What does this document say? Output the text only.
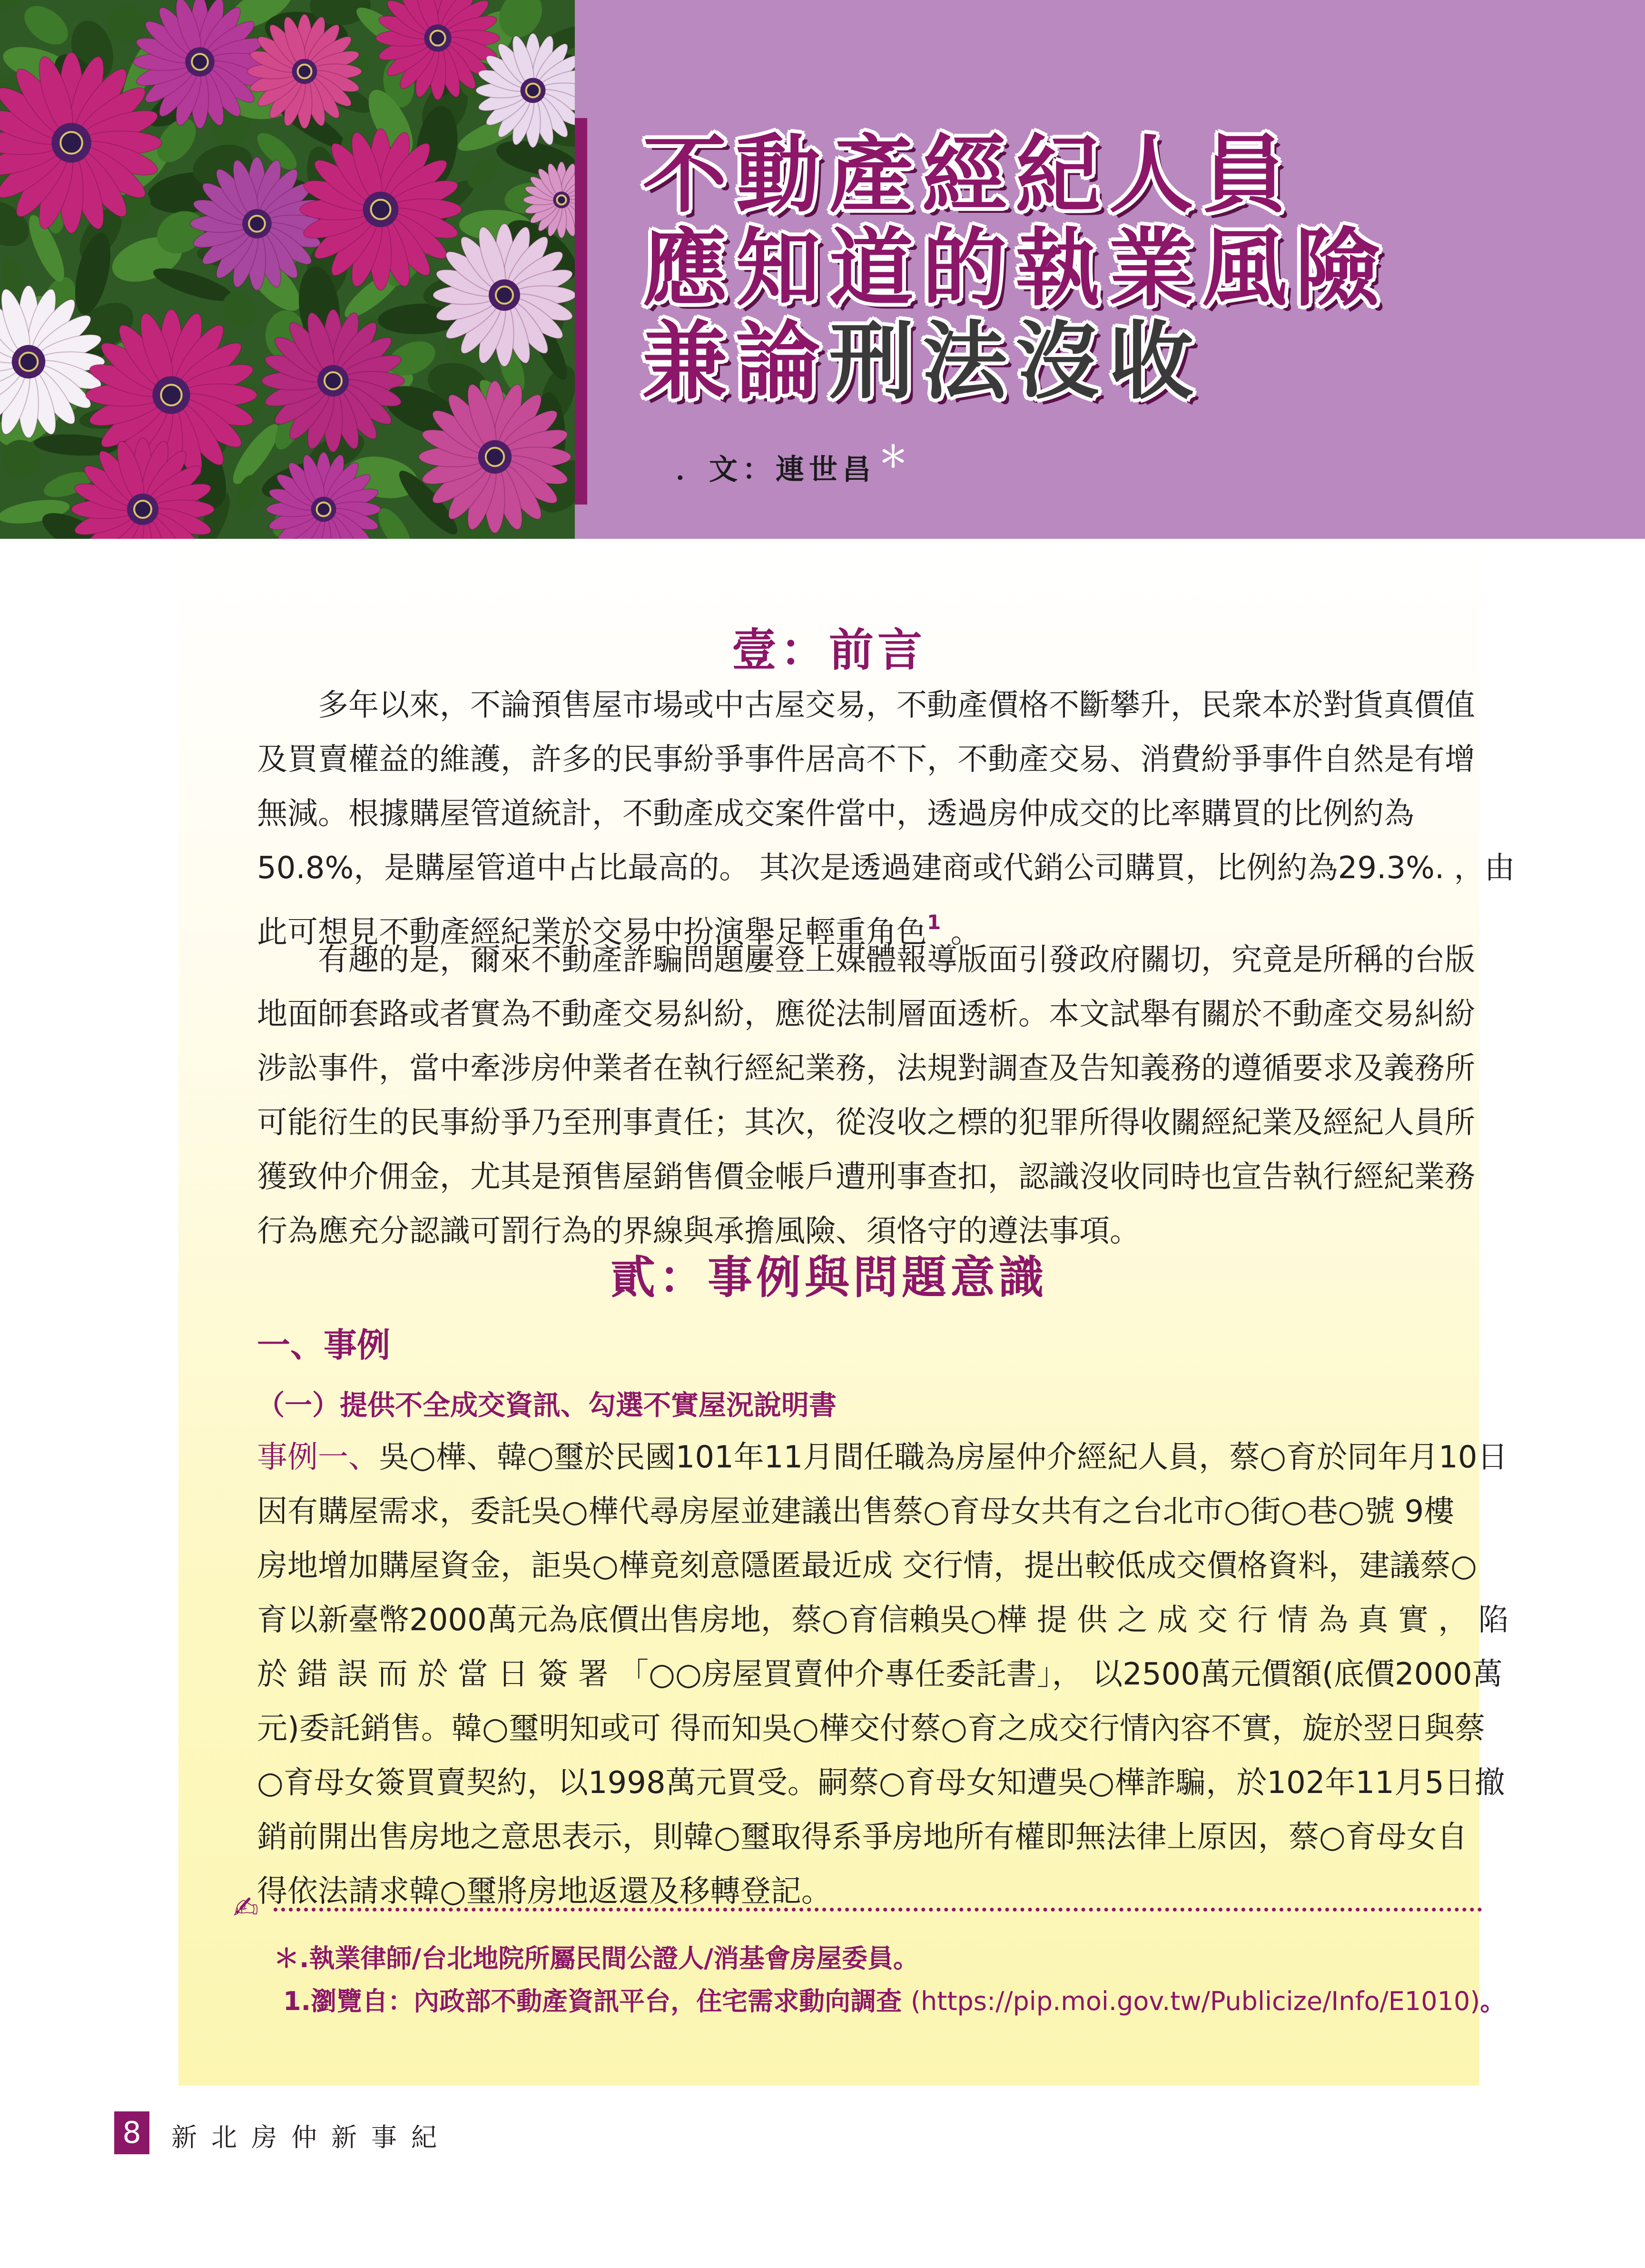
不動產經紀人員
應知道的執業風險
兼論刑法沒收
．文：連世昌＊
壹：前言
多年以來，不論預售屋市場或中古屋交易，不動產價格不斷攀升，民衆本於對貨真價值
及買賣權益的維護，許多的民事紛爭事件居高不下，不動產交易、消費紛爭事件自然是有增
無減。根據購屋管道統計，不動產成交案件當中，透過房仲成交的比率購買的比例約為
50.8%，是購屋管道中占比最高的。 其次是透過建商或代銷公司購買，比例約為29.3%. ，由
此可想見不動產經紀業於交易中扮演舉足輕重角色$^1$ 。
有趣的是，爾來不動產詐騙問題屢登上媒體報導版面引發政府關切，究竟是所稱的台版
地面師套路或者實為不動產交易糾紛，應從法制層面透析。本文試舉有關於不動產交易糾紛
涉訟事件，當中牽涉房仲業者在執行經紀業務，法規對調查及告知義務的遵循要求及義務所
可能衍生的民事紛爭乃至刑事責任；其次，從沒收之標的犯罪所得收關經紀業及經紀人員所
獲致仲介佣金，尤其是預售屋銷售價金帳戶遭刑事查扣，認識沒收同時也宣告執行經紀業務
行為應充分認識可罰行為的界線與承擔風險、須恪守的遵法事項。
貳：事例與問題意識
一、事例
（一）提供不全成交資訊、勾選不實屋況說明書
事例一、吳○樺、韓○璽於民國101年11月間任職為房屋仲介經紀人員，蔡○育於同年月10日
因有購屋需求，委託吳○樺代尋房屋並建議出售蔡○育母女共有之台北市○街○巷○號 9樓
房地增加購屋資金，詎吳○樺竟刻意隱匿最近成 交行情，提出較低成交價格資料，建議蔡○
育以新臺幣2000萬元為底價出售房地，蔡○育信賴吳○樺 提 供 之 成 交 行 情 為 真 實 ， 陷
於 錯 誤 而 於 當 日 簽 署 「○○房屋買賣仲介專任委託書」， 以2500萬元價額(底價2000萬
元)委託銷售。韓○璽明知或可 得而知吳○樺交付蔡○育之成交行情內容不實，旋於翌日與蔡
○育母女簽買賣契約，以1998萬元買受。嗣蔡○育母女知遭吳○樺詐騙，於102年11月5日撤
銷前開出售房地之意思表示，則韓○璽取得系爭房地所有權即無法律上原因，蔡○育母女自
得依法請求韓○璽將房地返還及移轉登記。
✍
＊.執業律師/台北地院所屬民間公證人/消基會房屋委員。
1.瀏覽自：內政部不動產資訊平台，住宅需求動向調查 (https://pip.moi.gov.tw/Publicize/Info/E1010)。
8	新北房仲新事紀
